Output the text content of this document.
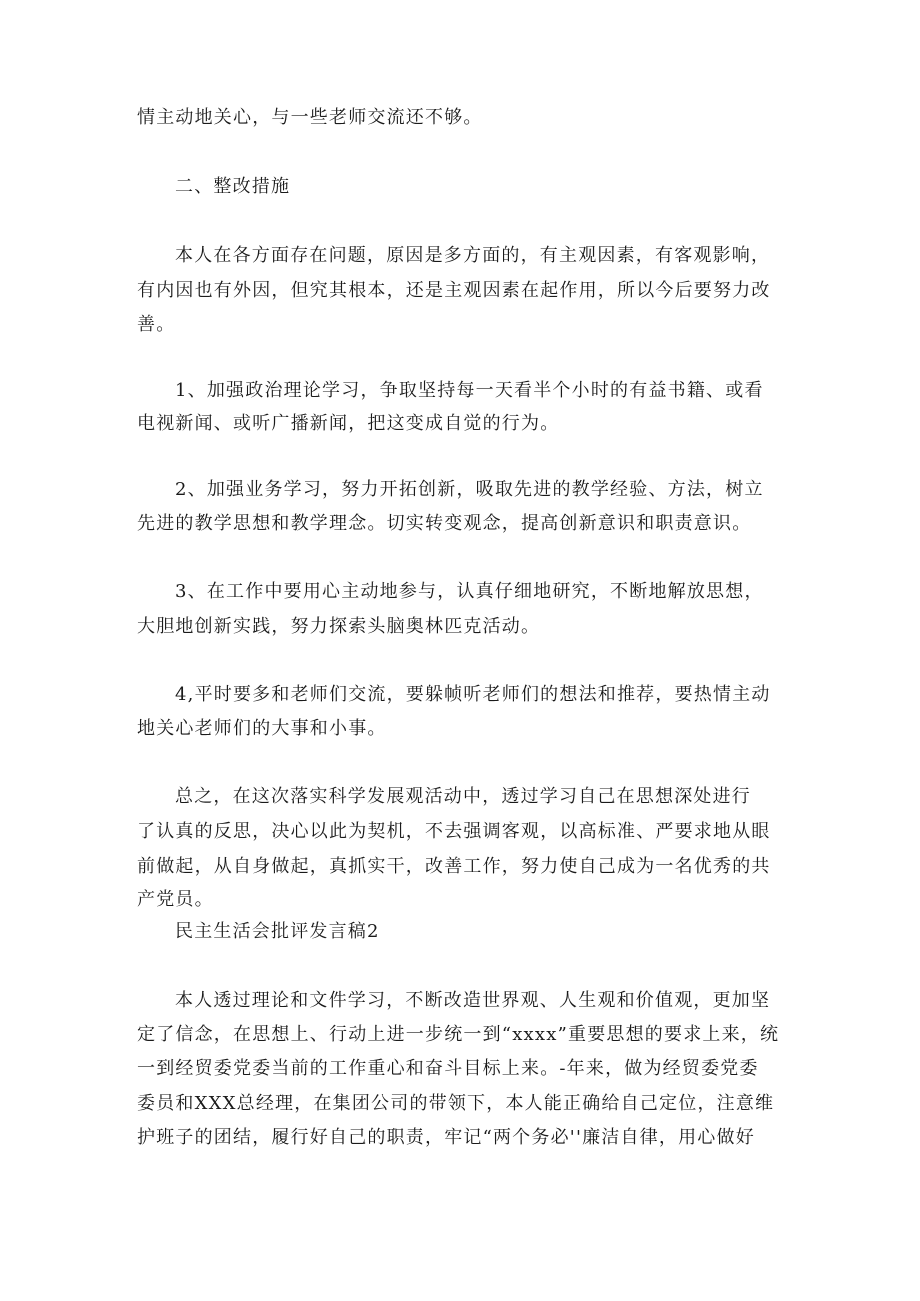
情主动地关心，与一些老师交流还不够。

二、整改措施

本人在各方面存在问题，原因是多方面的，有主观因素，有客观影响，

有内因也有外因，但究其根本，还是主观因素在起作用，所以今后要努力改

善。

1、加强政治理论学习，争取坚持每一天看半个小时的有益书籍、或看

电视新闻、或听广播新闻，把这变成自觉的行为。

2、加强业务学习，努力开拓创新，吸取先进的教学经验、方法，树立

先进的教学思想和教学理念。切实转变观念，提高创新意识和职责意识。

3、在工作中要用心主动地参与，认真仔细地研究，不断地解放思想，

大胆地创新实践，努力探索头脑奥林匹克活动。

4,平时要多和老师们交流，要躲帧听老师们的想法和推荐，要热情主动

地关心老师们的大事和小事。

总之，在这次落实科学发展观活动中，透过学习自己在思想深处进行

了认真的反思，决心以此为契机，不去强调客观，以高标准、严要求地从眼

前做起，从自身做起，真抓实干，改善工作，努力使自己成为一名优秀的共

产党员。

民主生活会批评发言稿2

本人透过理论和文件学习，不断改造世界观、人生观和价值观，更加坚

定了信念，在思想上、行动上进一步统一到“xxxx”重要思想的要求上来，统

一到经贸委党委当前的工作重心和奋斗目标上来。-年来，做为经贸委党委

委员和XXX总经理，在集团公司的带领下，本人能正确给自己定位，注意维

护班子的团结，履行好自己的职责，牢记“两个务必''廉洁自律，用心做好
